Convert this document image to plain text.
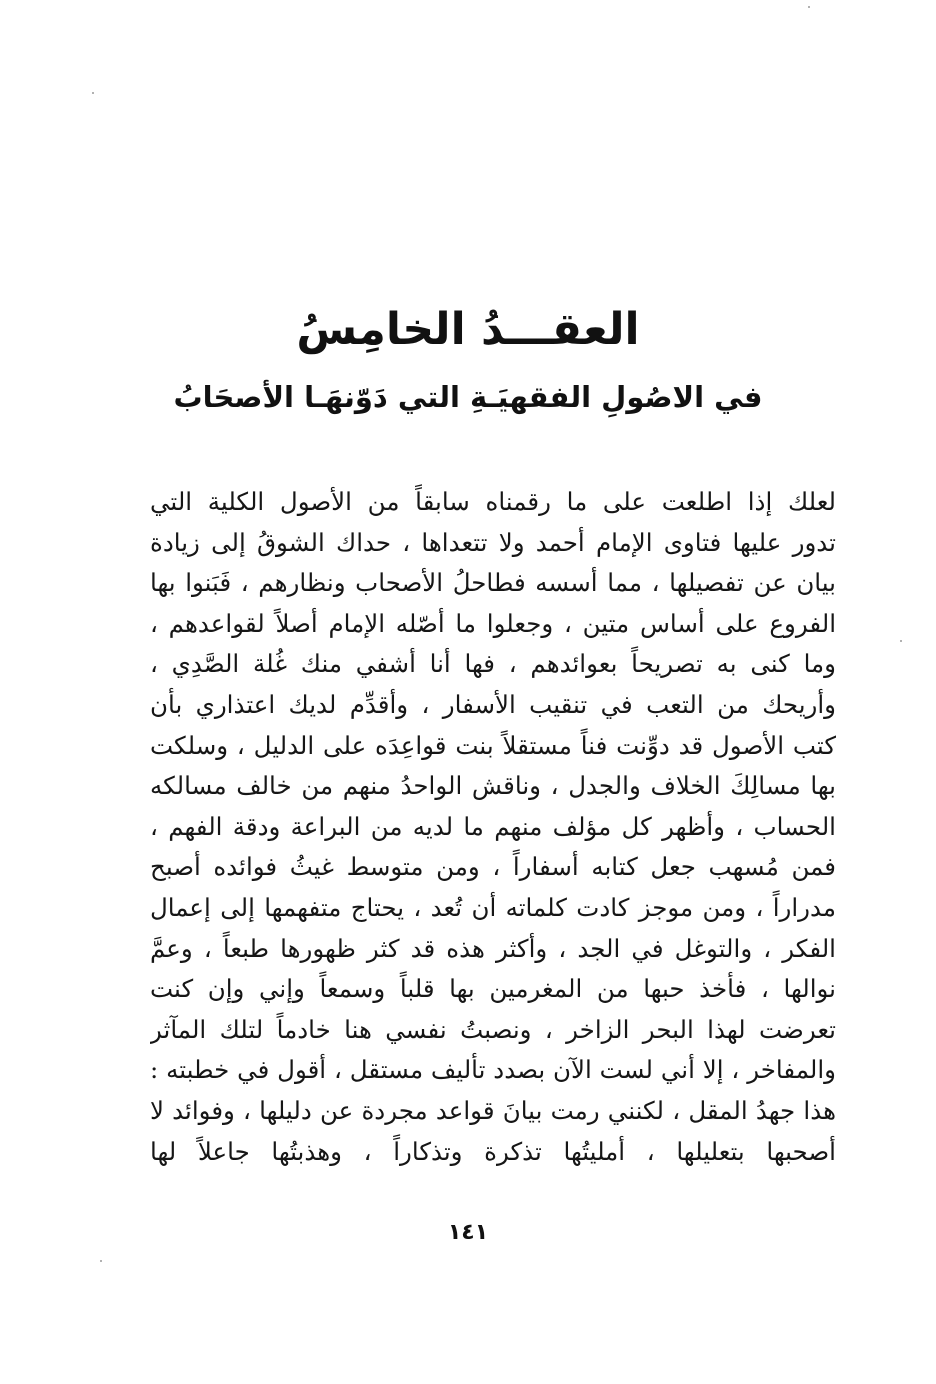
العقـــدُ الخامِسُ
في الاصُولِ الفقهيَـةِ التي دَوّنهَـا الأصحَابُ
لعلك إذا اطلعت على ما رقمناه سابقاً من الأصول الكلية التي
تدور عليها فتاوى الإمام أحمد ولا تتعداها ، حداك الشوقُ إلى زيادة
بيان عن تفصيلها ، مما أسسه فطاحلُ الأصحاب ونظارهم ، فَبَنوا بها
الفروع على أساس متين ، وجعلوا ما أصّله الإمام أصلاً لقواعدهم ،
وما كنى به تصريحاً بعوائدهم ، فها أنا أشفي منك غُلة الصَّدِي ،
وأريحك من التعب في تنقيب الأسفار ، وأقدِّم لديك اعتذاري بأن
كتب الأصول قد دوِّنت فناً مستقلاً بنت قواعِدَه على الدليل ، وسلكت
بها مسالِكَ الخلاف والجدل ، وناقش الواحدُ منهم من خالف مسالكه
الحساب ، وأظهر كل مؤلف منهم ما لديه من البراعة ودقة الفهم ،
فمن مُسهب جعل كتابه أسفاراً ، ومن متوسط غيثُ فوائده أصبح
مدراراً ، ومن موجز كادت كلماته أن تُعد ، يحتاج متفهمها إلى إعمال
الفكر ، والتوغل في الجد ، وأكثر هذه قد كثر ظهورها طبعاً ، وعمَّ
نوالها ، فأخذ حبها من المغرمين بها قلباً وسمعاً وإني وإن كنت
تعرضت لهذا البحر الزاخر ، ونصبتُ نفسي هنا خادماً لتلك المآثر
والمفاخر ، إلا أني لست الآن بصدد تأليف مستقل ، أقول في خطبته :
هذا جهدُ المقل ، لكنني رمت بيانَ قواعد مجردة عن دليلها ، وفوائد لا
أصحبها بتعليلها ، أمليتُها تذكرة وتذكاراً ، وهذبتُها جاعلاً لها
١٤١
